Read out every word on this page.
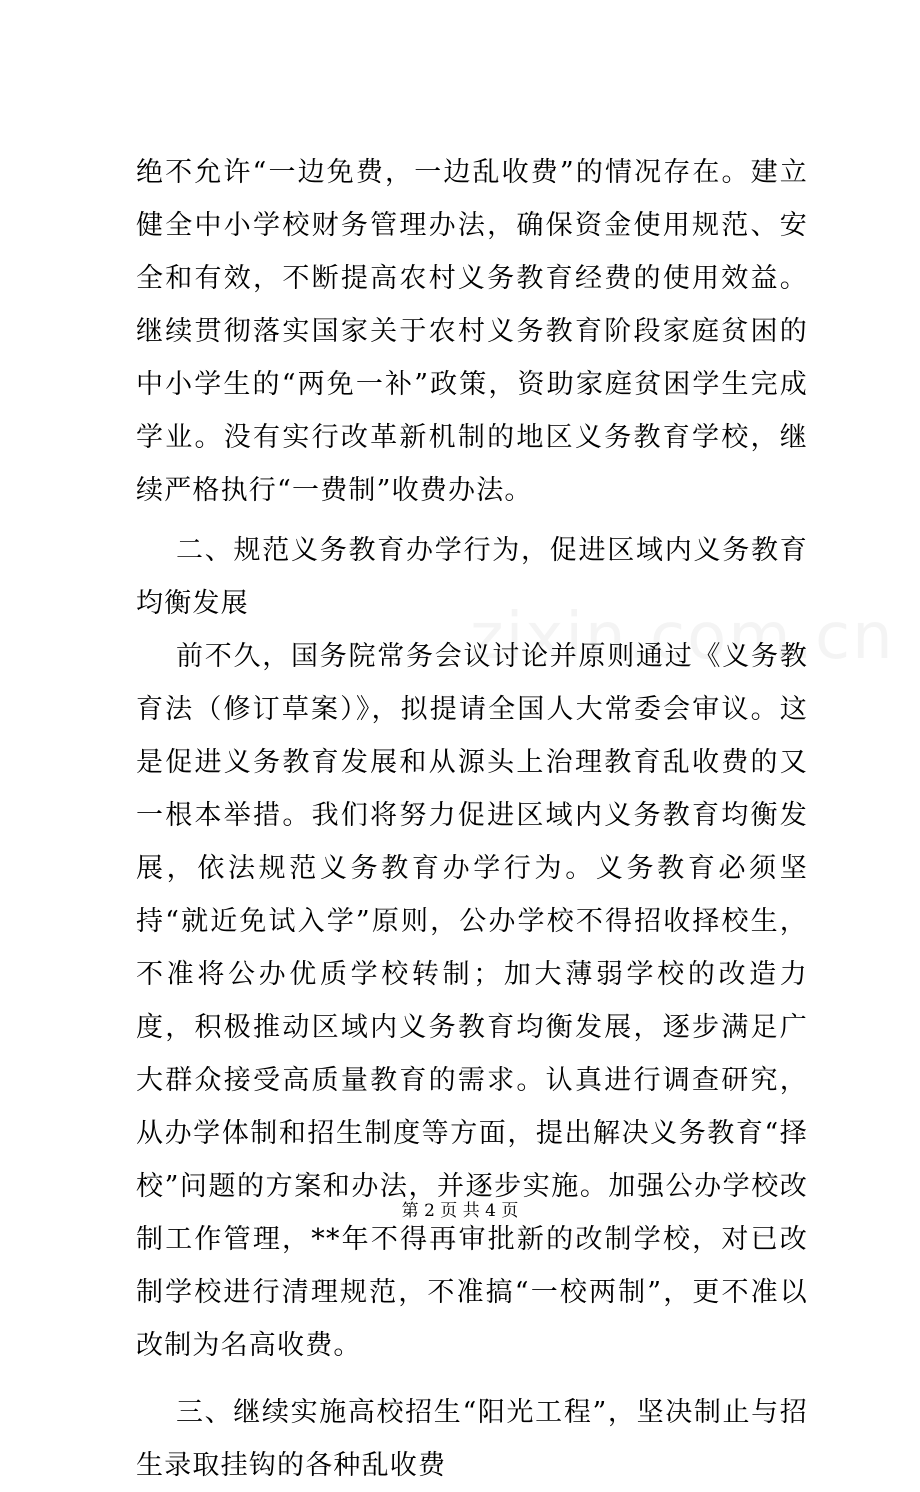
绝不允许“一边免费，一边乱收费”的情况存在。建立健全中小学校财务管理办法，确保资金使用规范、安全和有效，不断提高农村义务教育经费的使用效益。继续贯彻落实国家关于农村义务教育阶段家庭贫困的中小学生的“两免一补”政策，资助家庭贫困学生完成学业。没有实行改革新机制的地区义务教育学校，继续严格执行“一费制”收费办法。

二、规范义务教育办学行为，促进区域内义务教育均衡发展

前不久，国务院常务会议讨论并原则通过《义务教育法（修订草案）》，拟提请全国人大常委会审议。这是促进义务教育发展和从源头上治理教育乱收费的又一根本举措。我们将努力促进区域内义务教育均衡发展，依法规范义务教育办学行为。义务教育必须坚持“就近免试入学”原则，公办学校不得招收择校生，不准将公办优质学校转制；加大薄弱学校的改造力度，积极推动区域内义务教育均衡发展，逐步满足广大群众接受高质量教育的需求。认真进行调查研究，从办学体制和招生制度等方面，提出解决义务教育“择校”问题的方案和办法，并逐步实施。加强公办学校改制工作管理，**年不得再审批新的改制学校，对已改制学校进行清理规范，不准搞“一校两制”，更不准以改制为名高收费。

三、继续实施高校招生“阳光工程”，坚决制止与招生录取挂钩的各种乱收费

第 2 页 共 4 页
